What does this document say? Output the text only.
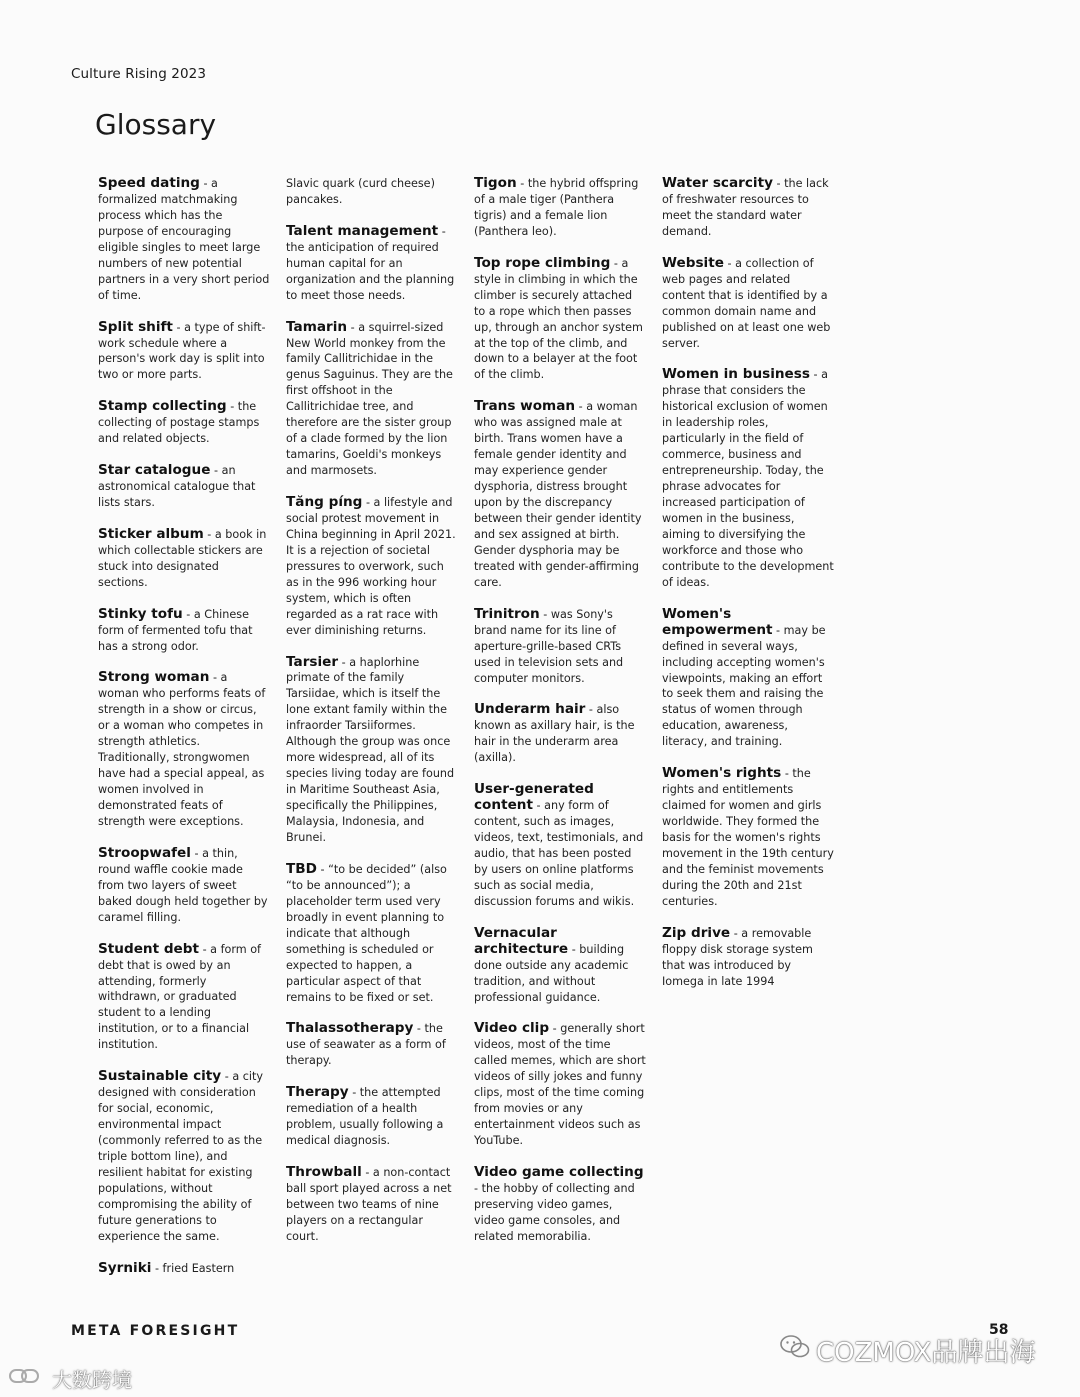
Culture Rising 2023
Glossary

Speed dating - a formalized matchmaking process which has the purpose of encouraging eligible singles to meet large numbers of new potential partners in a very short period of time.

Split shift - a type of shift-work schedule where a person's work day is split into two or more parts.

Stamp collecting - the collecting of postage stamps and related objects.

Star catalogue - an astronomical catalogue that lists stars.

Sticker album - a book in which collectable stickers are stuck into designated sections.

Stinky tofu - a Chinese form of fermented tofu that has a strong odor.

Strong woman - a woman who performs feats of strength in a show or circus, or a woman who competes in strength athletics. Traditionally, strongwomen have had a special appeal, as women involved in demonstrated feats of strength were exceptions.

Stroopwafel - a thin, round waffle cookie made from two layers of sweet baked dough held together by caramel filling.

Student debt - a form of debt that is owed by an attending, formerly withdrawn, or graduated student to a lending institution, or to a financial institution.

Sustainable city - a city designed with consideration for social, economic, environmental impact (commonly referred to as the triple bottom line), and resilient habitat for existing populations, without compromising the ability of future generations to experience the same.

Syrniki - fried Eastern

Slavic quark (curd cheese) pancakes.

Talent management - the anticipation of required human capital for an organization and the planning to meet those needs.

Tamarin - a squirrel-sized New World monkey from the family Callitrichidae in the genus Saguinus. They are the first offshoot in the Callitrichidae tree, and therefore are the sister group of a clade formed by the lion tamarins, Goeldi's monkeys and marmosets.

Tăng píng - a lifestyle and social protest movement in China beginning in April 2021. It is a rejection of societal pressures to overwork, such as in the 996 working hour system, which is often regarded as a rat race with ever diminishing returns.

Tarsier - a haplorhine primate of the family Tarsiidae, which is itself the lone extant family within the infraorder Tarsiiformes. Although the group was once more widespread, all of its species living today are found in Maritime Southeast Asia, specifically the Philippines, Malaysia, Indonesia, and Brunei.

TBD - “to be decided” (also “to be announced”); a placeholder term used very broadly in event planning to indicate that although something is scheduled or expected to happen, a particular aspect of that remains to be fixed or set.

Thalassotherapy - the use of seawater as a form of therapy.

Therapy - the attempted remediation of a health problem, usually following a medical diagnosis.

Throwball - a non-contact ball sport played across a net between two teams of nine players on a rectangular court.

Tigon - the hybrid offspring of a male tiger (Panthera tigris) and a female lion (Panthera leo).

Top rope climbing - a style in climbing in which the climber is securely attached to a rope which then passes up, through an anchor system at the top of the climb, and down to a belayer at the foot of the climb.

Trans woman - a woman who was assigned male at birth. Trans women have a female gender identity and may experience gender dysphoria, distress brought upon by the discrepancy between their gender identity and sex assigned at birth. Gender dysphoria may be treated with gender-affirming care.

Trinitron - was Sony's brand name for its line of aperture-grille-based CRTs used in television sets and computer monitors.

Underarm hair - also known as axillary hair, is the hair in the underarm area (axilla).

User-generated content - any form of content, such as images, videos, text, testimonials, and audio, that has been posted by users on online platforms such as social media, discussion forums and wikis.

Vernacular architecture - building done outside any academic tradition, and without professional guidance.

Video clip - generally short videos, most of the time called memes, which are short videos of silly jokes and funny clips, most of the time coming from movies or any entertainment videos such as YouTube.

Video game collecting - the hobby of collecting and preserving video games, video game consoles, and related memorabilia.

Water scarcity - the lack of freshwater resources to meet the standard water demand.

Website - a collection of web pages and related content that is identified by a common domain name and published on at least one web server.

Women in business - a phrase that considers the historical exclusion of women in leadership roles, particularly in the field of commerce, business and entrepreneurship. Today, the phrase advocates for increased participation of women in the business, aiming to diversifying the workforce and those who contribute to the development of ideas.

Women's empowerment - may be defined in several ways, including accepting women's viewpoints, making an effort to seek them and raising the status of women through education, awareness, literacy, and training.

Women's rights - the rights and entitlements claimed for women and girls worldwide. They formed the basis for the women's rights movement in the 19th century and the feminist movements during the 20th and 21st centuries.

Zip drive - a removable floppy disk storage system that was introduced by Iomega in late 1994

META FORESIGHT	58
COZMOX品牌出海
大数跨境
